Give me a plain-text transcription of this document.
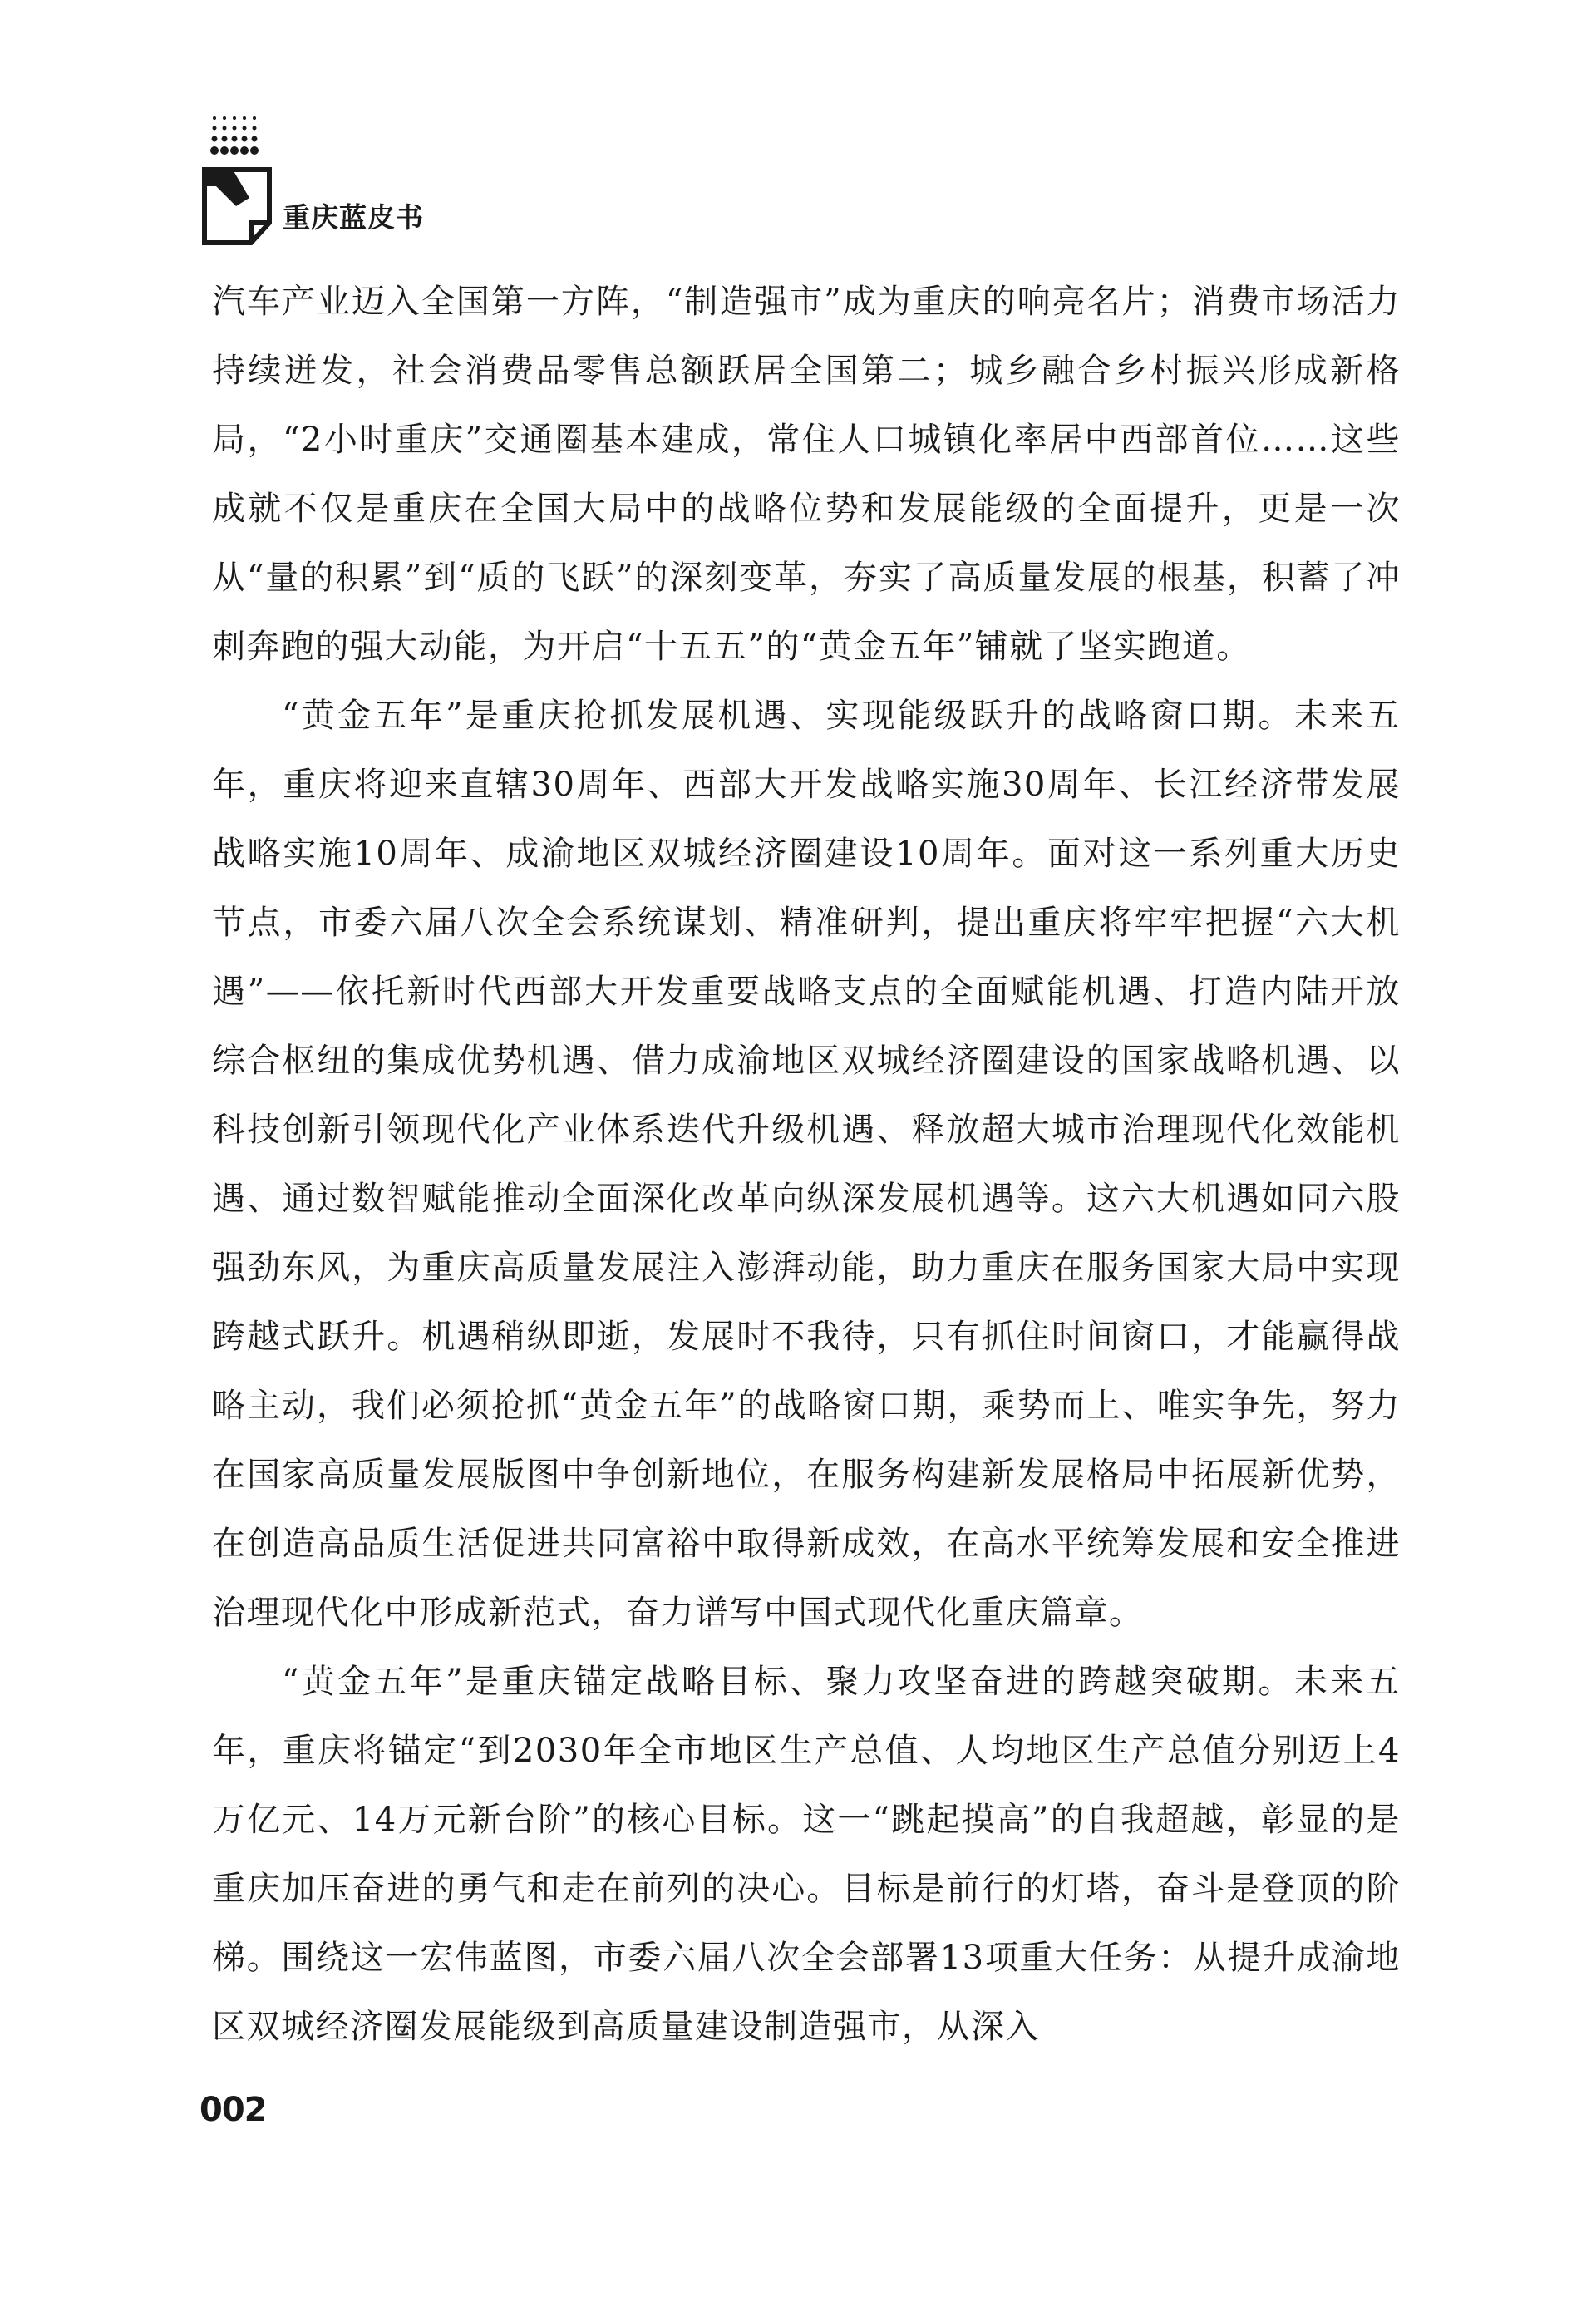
重庆蓝皮书

汽车产业迈入全国第一方阵，“制造强市”成为重庆的响亮名片；消费市场活力持续迸发，社会消费品零售总额跃居全国第二；城乡融合乡村振兴形成新格局，“2小时重庆”交通圈基本建成，常住人口城镇化率居中西部首位……这些成就不仅是重庆在全国大局中的战略位势和发展能级的全面提升，更是一次从“量的积累”到“质的飞跃”的深刻变革，夯实了高质量发展的根基，积蓄了冲刺奔跑的强大动能，为开启“十五五”的“黄金五年”铺就了坚实跑道。

“黄金五年”是重庆抢抓发展机遇、实现能级跃升的战略窗口期。未来五年，重庆将迎来直辖30周年、西部大开发战略实施30周年、长江经济带发展战略实施10周年、成渝地区双城经济圈建设10周年。面对这一系列重大历史节点，市委六届八次全会系统谋划、精准研判，提出重庆将牢牢把握“六大机遇”——依托新时代西部大开发重要战略支点的全面赋能机遇、打造内陆开放综合枢纽的集成优势机遇、借力成渝地区双城经济圈建设的国家战略机遇、以科技创新引领现代化产业体系迭代升级机遇、释放超大城市治理现代化效能机遇、通过数智赋能推动全面深化改革向纵深发展机遇等。这六大机遇如同六股强劲东风，为重庆高质量发展注入澎湃动能，助力重庆在服务国家大局中实现跨越式跃升。机遇稍纵即逝，发展时不我待，只有抓住时间窗口，才能赢得战略主动，我们必须抢抓“黄金五年”的战略窗口期，乘势而上、唯实争先，努力在国家高质量发展版图中争创新地位，在服务构建新发展格局中拓展新优势，在创造高品质生活促进共同富裕中取得新成效，在高水平统筹发展和安全推进治理现代化中形成新范式，奋力谱写中国式现代化重庆篇章。

“黄金五年”是重庆锚定战略目标、聚力攻坚奋进的跨越突破期。未来五年，重庆将锚定“到2030年全市地区生产总值、人均地区生产总值分别迈上4万亿元、14万元新台阶”的核心目标。这一“跳起摸高”的自我超越，彰显的是重庆加压奋进的勇气和走在前列的决心。目标是前行的灯塔，奋斗是登顶的阶梯。围绕这一宏伟蓝图，市委六届八次全会部署13项重大任务：从提升成渝地区双城经济圈发展能级到高质量建设制造强市，从深入

002
